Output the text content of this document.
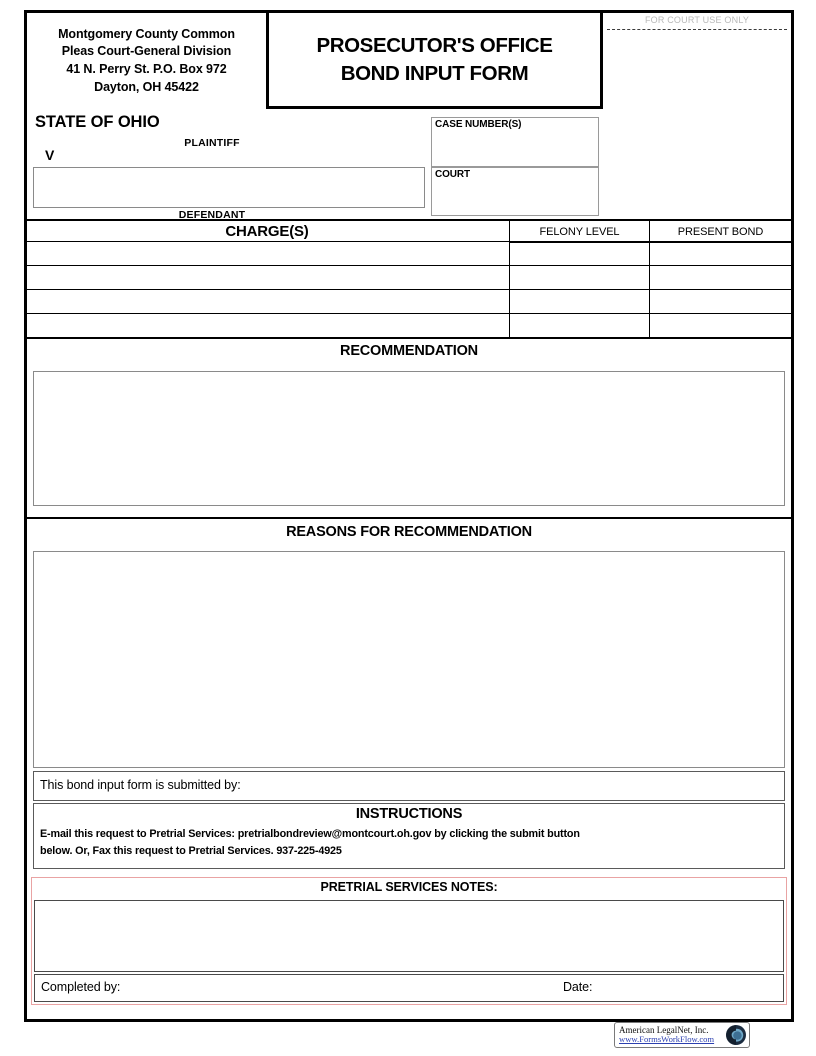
Montgomery County Common
Pleas Court-General Division
41 N. Perry St. P.O. Box 972
Dayton, OH 45422
PROSECUTOR'S OFFICE
BOND INPUT FORM
FOR COURT USE ONLY
STATE OF OHIO
PLAINTIFF
V
DEFENDANT
CASE NUMBER(S)
COURT
CHARGE(S)	FELONY LEVEL	PRESENT BOND
RECOMMENDATION
REASONS FOR RECOMMENDATION
This bond input form is submitted by:
INSTRUCTIONS
E-mail this request to Pretrial Services: pretrialbondreview@montcourt.oh.gov by clicking the submit button
below. Or, Fax this request to Pretrial Services. 937-225-4925
PRETRIAL SERVICES NOTES:
Completed by:	Date:
American LegalNet, Inc.
www.FormsWorkFlow.com
